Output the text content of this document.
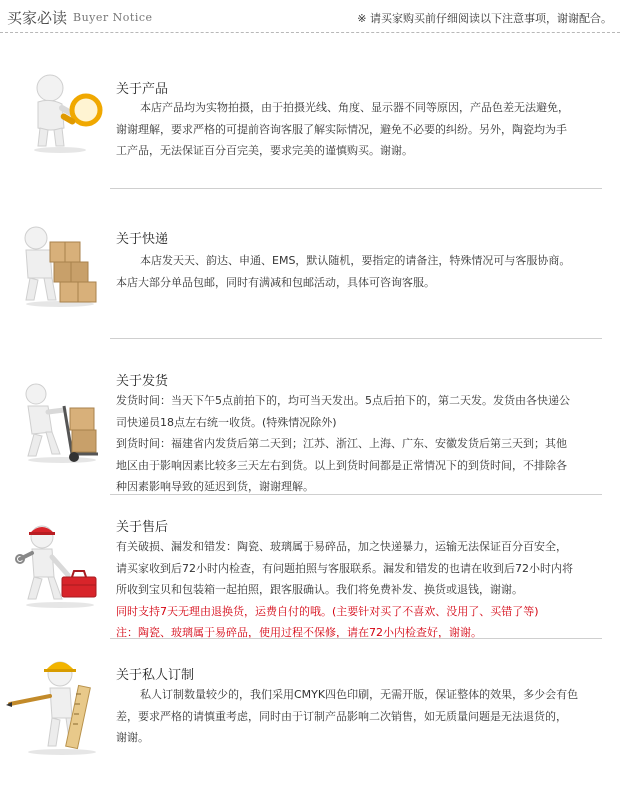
买家必读 Buyer Notice	※ 请买家购买前仔细阅读以下注意事项，谢谢配合。
关于产品

本店产品均为实物拍摄，由于拍摄光线、角度、显示器不同等原因，产品色差无法避免，

谢谢理解，要求严格的可提前咨询客服了解实际情况，避免不必要的纠纷。另外，陶瓷均为手

工产品，无法保证百分百完美，要求完美的谨慎购买。谢谢。

关于快递

本店发天天、韵达、申通、EMS，默认随机，要指定的请备注，特殊情况可与客服协商。

本店大部分单品包邮，同时有满减和包邮活动，具体可咨询客服。

关于发货

发货时间：当天下午5点前拍下的，均可当天发出。5点后拍下的，第二天发。发货由各快递公

司快递员18点左右统一收货。(特殊情况除外)

到货时间：福建省内发货后第二天到；江苏、浙江、上海、广东、安徽发货后第三天到；其他

地区由于影响因素比较多三天左右到货。以上到货时间都是正常情况下的到货时间，不排除各

种因素影响导致的延迟到货，谢谢理解。

关于售后

有关破损、漏发和错发：陶瓷、玻璃属于易碎品，加之快递暴力，运输无法保证百分百安全，

请买家收到后72小时内检查，有问题拍照与客服联系。漏发和错发的也请在收到后72小时内将

所收到宝贝和包装箱一起拍照，跟客服确认。我们将免费补发、换货或退钱，谢谢。

同时支持7天无理由退换货，运费自付的哦。(主要针对买了不喜欢、没用了、买错了等)

注：陶瓷、玻璃属于易碎品，使用过程不保修，请在72小内检查好，谢谢。

关于私人订制

私人订制数量较少的，我们采用CMYK四色印刷，无需开版，保证整体的效果，多少会有色

差，要求严格的请慎重考虑，同时由于订制产品影响二次销售，如无质量问题是无法退货的，

谢谢。
